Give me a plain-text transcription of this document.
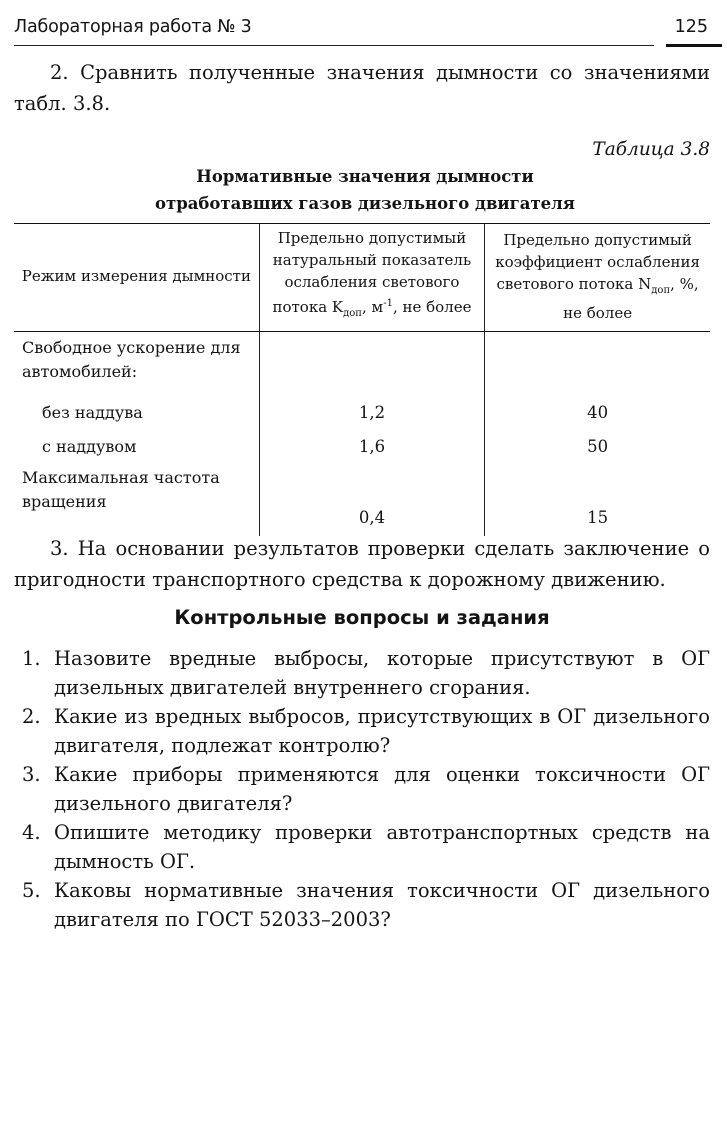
Лабораторная работа № 3	125
2. Сравнить полученные значения дымности со значениями табл. 3.8.
Таблица 3.8
Нормативные значения дымности
отработавших газов дизельного двигателя
Режим измерения дымности	Предельно допустимый натуральный показатель ослабления светового потока $K_{доп}$, $м^{-1}$, не более	Предельно допустимый коэффициент ослабления светового потока $N_{доп}$, %, не более
Свободное ускорение для автомобилей:		
без наддува	1,2	40
с наддувом	1,6	50
Максимальная частота вращения	0,4	15
3. На основании результатов проверки сделать заключение о пригодности транспортного средства к дорожному движению.
Контрольные вопросы и задания
1. Назовите вредные выбросы, которые присутствуют в ОГ дизельных двигателей внутреннего сгорания.
2. Какие из вредных выбросов, присутствующих в ОГ дизельного двигателя, подлежат контролю?
3. Какие приборы применяются для оценки токсичности ОГ дизельного двигателя?
4. Опишите методику проверки автотранспортных средств на дымность ОГ.
5. Каковы нормативные значения токсичности ОГ дизельного двигателя по ГОСТ 52033–2003?
